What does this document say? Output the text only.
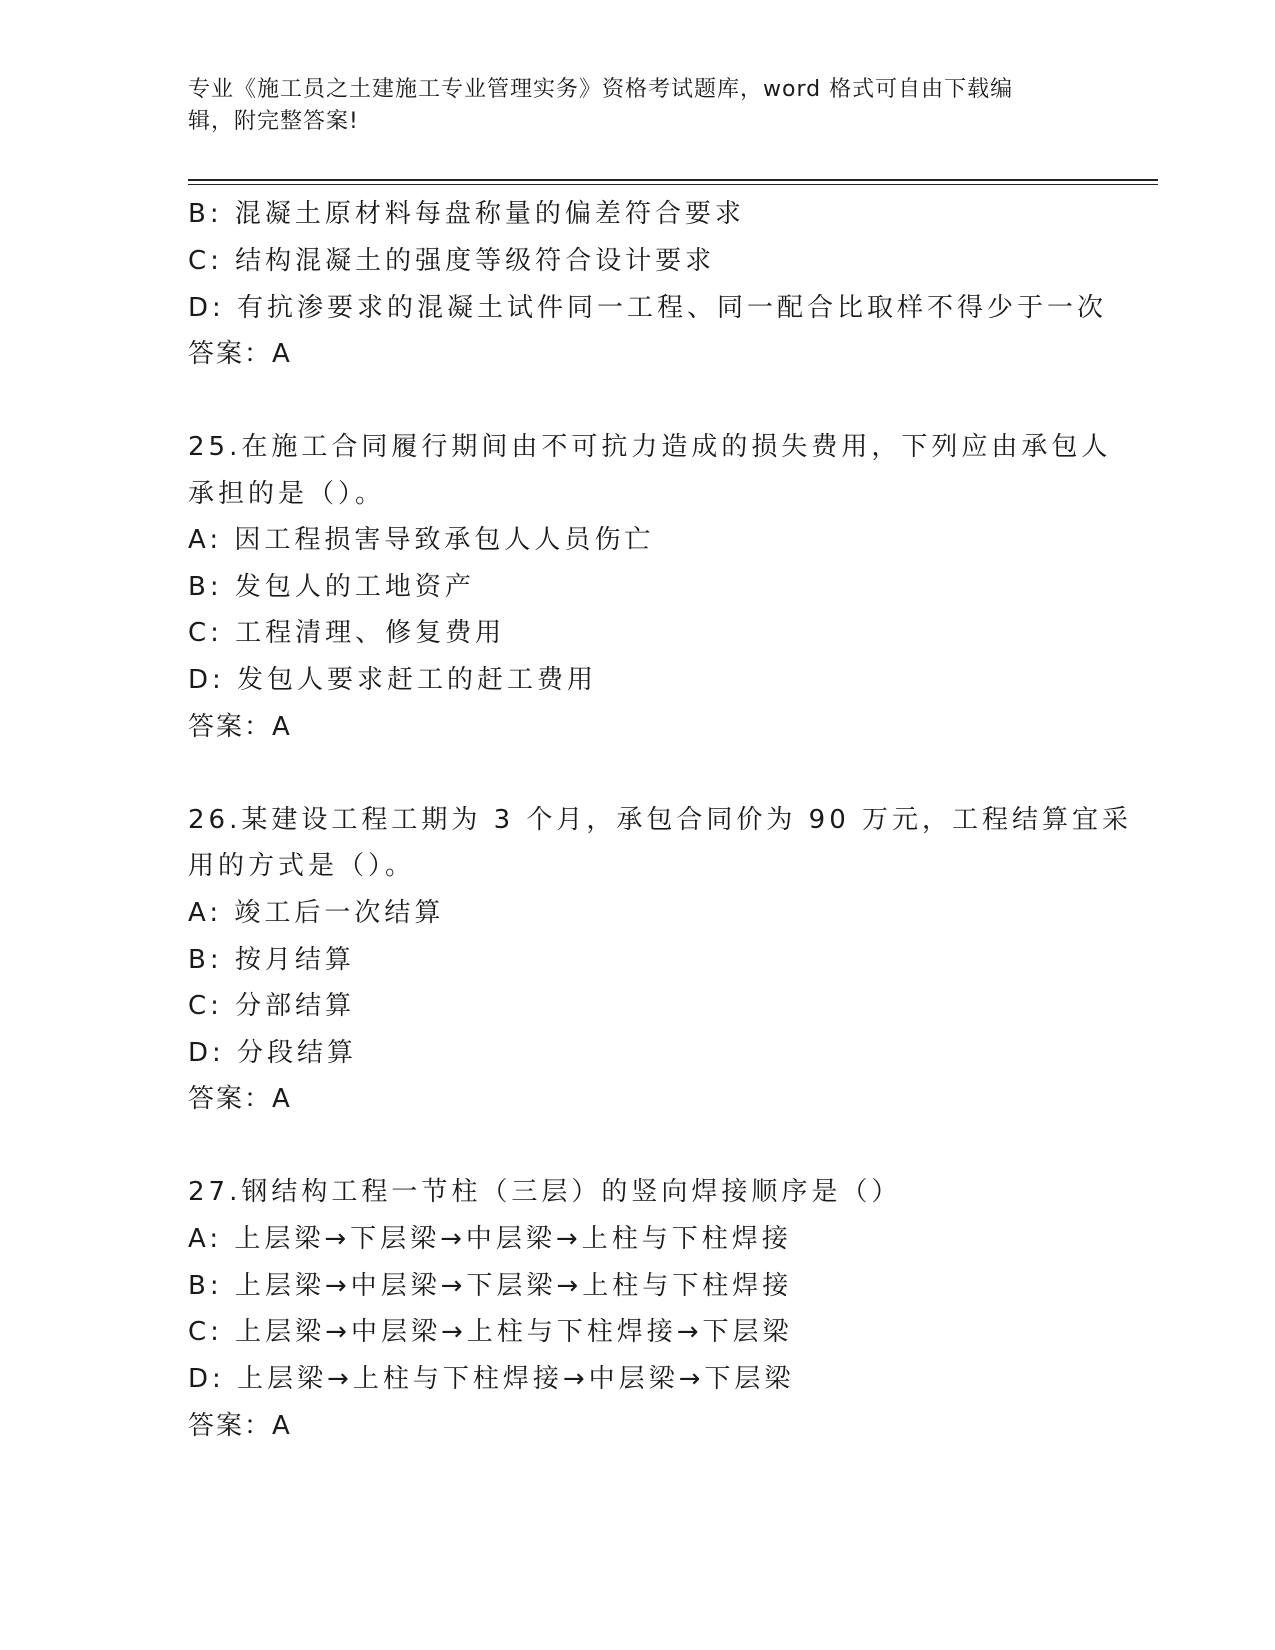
专业《施工员之土建施工专业管理实务》资格考试题库，word 格式可自由下载编
辑，附完整答案!
B: 混凝土原材料每盘称量的偏差符合要求
C: 结构混凝土的强度等级符合设计要求
D: 有抗渗要求的混凝土试件同一工程、同一配合比取样不得少于一次
答案：A
25.在施工合同履行期间由不可抗力造成的损失费用，下列应由承包人
承担的是（）。
A: 因工程损害导致承包人人员伤亡
B: 发包人的工地资产
C: 工程清理、修复费用
D: 发包人要求赶工的赶工费用
答案：A
26.某建设工程工期为 3 个月，承包合同价为 90 万元，工程结算宜采
用的方式是（）。
A: 竣工后一次结算
B: 按月结算
C: 分部结算
D: 分段结算
答案：A
27.钢结构工程一节柱（三层）的竖向焊接顺序是（）
A: 上层梁→下层梁→中层梁→上柱与下柱焊接
B: 上层梁→中层梁→下层梁→上柱与下柱焊接
C: 上层梁→中层梁→上柱与下柱焊接→下层梁
D: 上层梁→上柱与下柱焊接→中层梁→下层梁
答案：A
